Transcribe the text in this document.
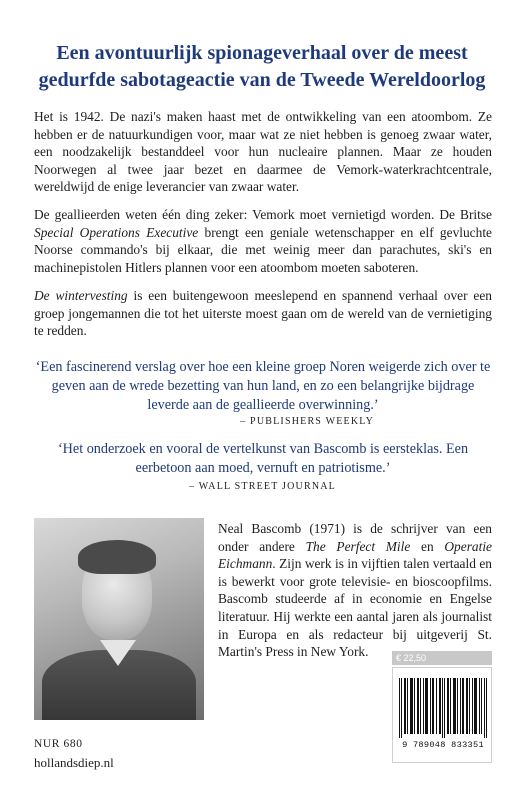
Een avontuurlijk spionageverhaal over de meest gedurfde sabotageactie van de Tweede Wereldoorlog
Het is 1942. De nazi's maken haast met de ontwikkeling van een atoombom. Ze hebben er de natuurkundigen voor, maar wat ze niet hebben is genoeg zwaar water, een noodzakelijk bestanddeel voor hun nucleaire plannen. Maar ze houden Noorwegen al twee jaar bezet en daarmee de Vemork-waterkrachtcentrale, wereldwijd de enige leverancier van zwaar water.
De geallieerden weten één ding zeker: Vemork moet vernietigd worden. De Britse Special Operations Executive brengt een geniale wetenschapper en elf gevluchte Noorse commando's bij elkaar, die met weinig meer dan parachutes, ski's en machinepistolen Hitlers plannen voor een atoombom moeten saboteren.
De wintervesting is een buitengewoon meeslepend en spannend verhaal over een groep jongemannen die tot het uiterste moest gaan om de wereld van de vernietiging te redden.
‘Een fascinerend verslag over hoe een kleine groep Noren weigerde zich over te geven aan de wrede bezetting van hun land, en zo een belangrijke bijdrage leverde aan de geallieerde overwinning.’
– PUBLISHERS WEEKLY
‘Het onderzoek en vooral de vertelkunst van Bascomb is eersteklas. Een eerbetoon aan moed, vernuft en patriotisme.’
– WALL STREET JOURNAL
Neal Bascomb (1971) is de schrijver van een onder andere The Perfect Mile en Operatie Eichmann. Zijn werk is in vijftien talen vertaald en is bewerkt voor grote televisie- en bioscoopfilms. Bascomb studeerde af in economie en Engelse literatuur. Hij werkte een aantal jaren als journalist in Europa en als redacteur bij uitgeverij St. Martin's Press in New York.	€ 22,50
9 789048 833351
NUR 680
hollandsdiep.nl
